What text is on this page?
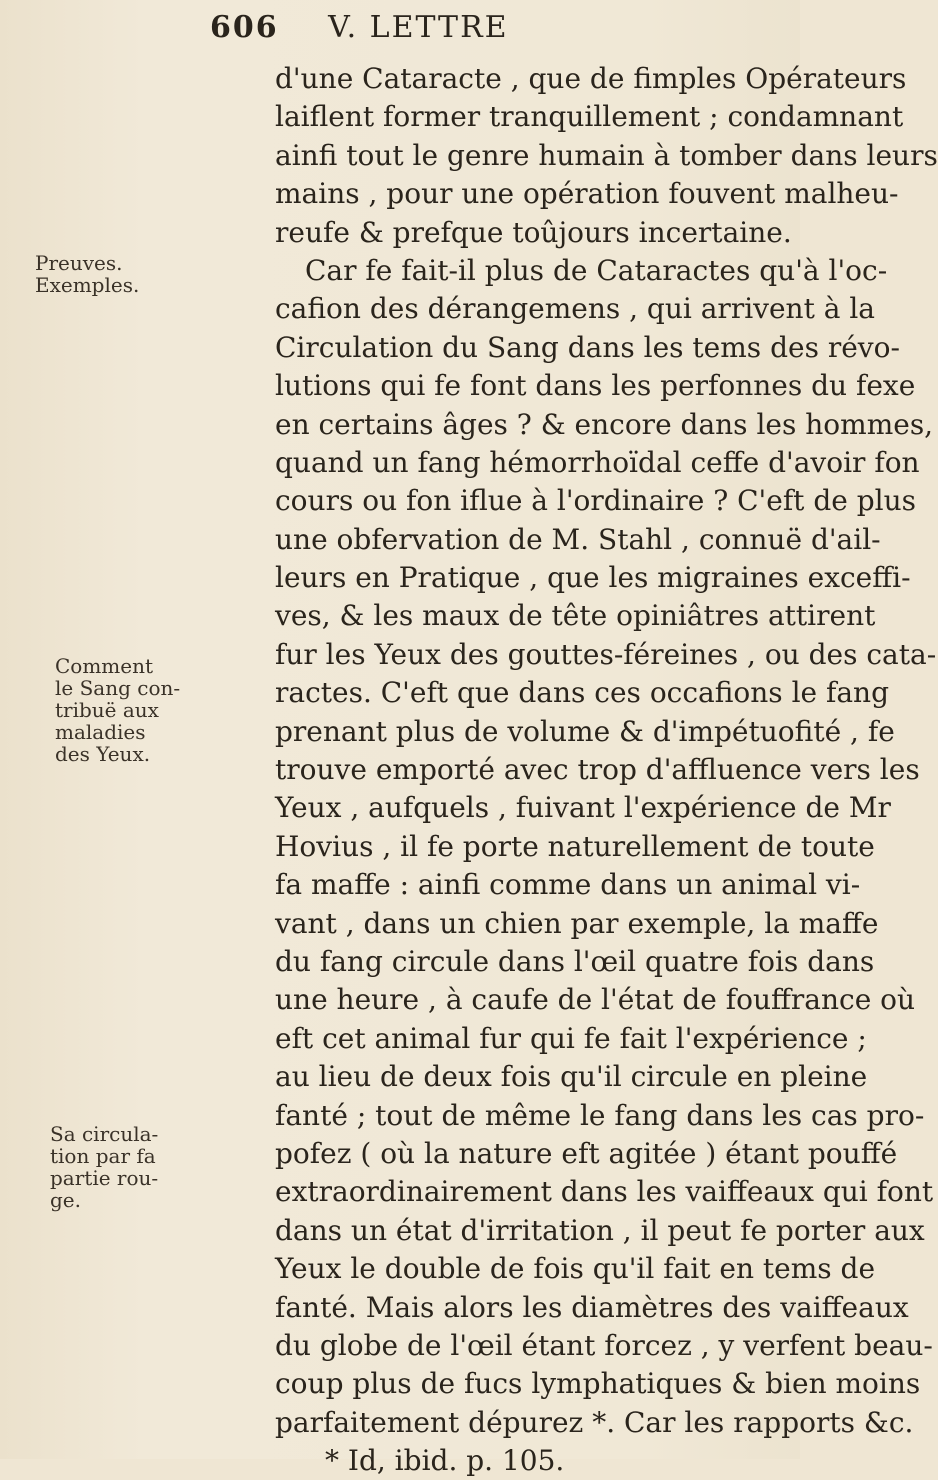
606 V. LETTRE
Preuves.
Exemples.
Comment
le Sang con-
tribuë aux
maladies
des Yeux.
Sa circula-
tion par fa
partie rou-
ge.
d'une Cataracte , que de fimples Opérateurs
laiflent former tranquillement ; condamnant
ainfi tout le genre humain à tomber dans leurs
mains , pour une opération fouvent malheu-
reufe & prefque toûjours incertaine.
Car fe fait-il plus de Cataractes qu'à l'oc-
cafion des dérangemens , qui arrivent à la
Circulation du Sang dans les tems des révo-
lutions qui fe font dans les perfonnes du fexe
en certains âges ? & encore dans les hommes,
quand un fang hémorrhoïdal ceffe d'avoir fon
cours ou fon iflue à l'ordinaire ? C'eft de plus
une obfervation de M. Stahl , connuë d'ail-
leurs en Pratique , que les migraines exceffi-
ves, & les maux de tête opiniâtres attirent
fur les Yeux des gouttes-féreines , ou des cata-
ractes. C'eft que dans ces occafions le fang
prenant plus de volume & d'impétuofité , fe
trouve emporté avec trop d'affluence vers les
Yeux , aufquels , fuivant l'expérience de Mr
Hovius , il fe porte naturellement de toute
fa maffe : ainfi comme dans un animal vi-
vant , dans un chien par exemple, la maffe
du fang circule dans l'œil quatre fois dans
une heure , à caufe de l'état de fouffrance où
eft cet animal fur qui fe fait l'expérience ;
au lieu de deux fois qu'il circule en pleine
fanté ; tout de même le fang dans les cas pro-
pofez ( où la nature eft agitée ) étant pouffé
extraordinairement dans les vaiffeaux qui font
dans un état d'irritation , il peut fe porter aux
Yeux le double de fois qu'il fait en tems de
fanté. Mais alors les diamètres des vaiffeaux
du globe de l'œil étant forcez , y verfent beau-
coup plus de fucs lymphatiques & bien moins
parfaitement dépurez *. Car les rapports &c.
* Id, ibid. p. 105.
